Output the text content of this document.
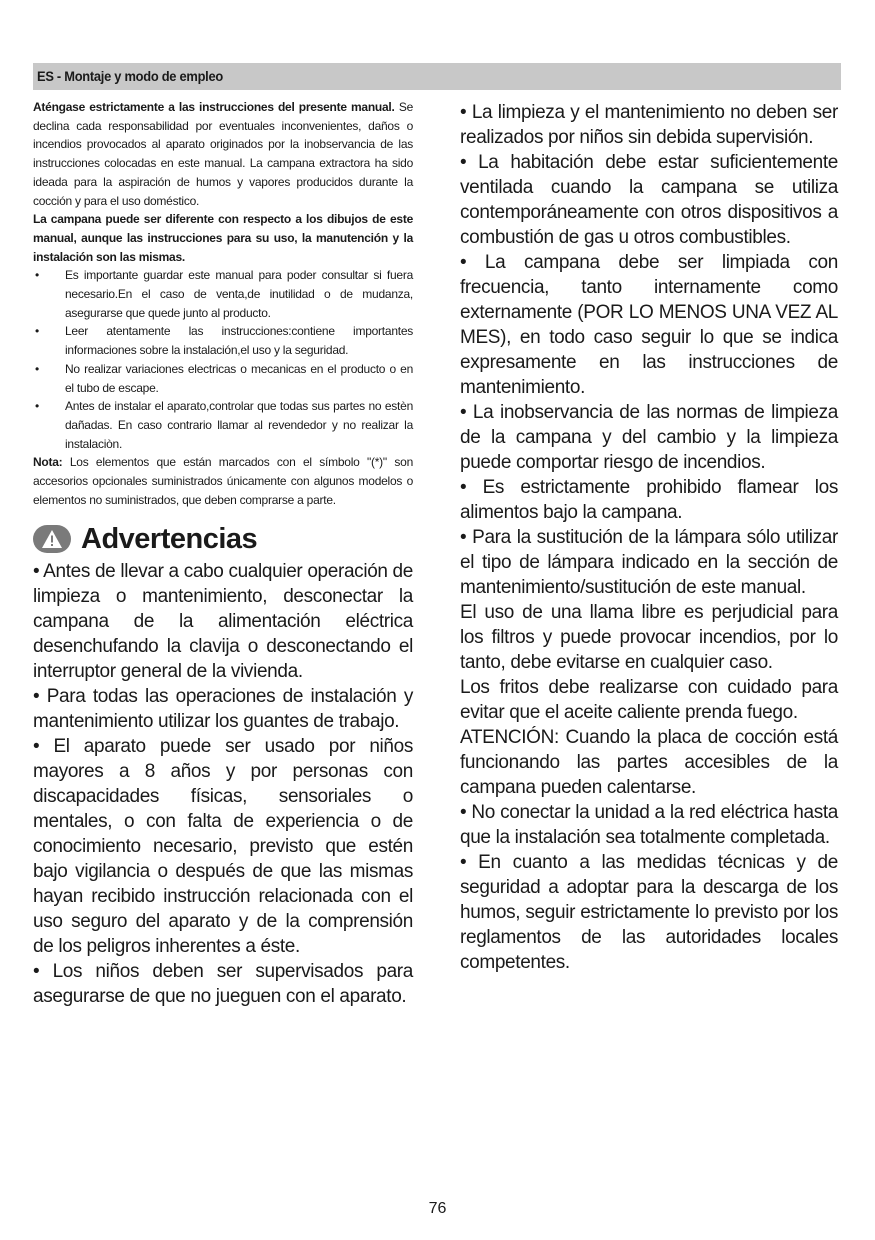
ES - Montaje y modo de empleo

Aténgase estrictamente a las instrucciones del presente manual. Se declina cada responsabilidad por eventuales inconvenientes, daños o incendios provocados al aparato originados por la inobservancia de las instrucciones colocadas en este manual. La campana extractora ha sido ideada para la aspiración de humos y vapores producidos durante la cocción y para el uso doméstico.

La campana puede ser diferente con respecto a los dibujos de este manual, aunque las instrucciones para su uso, la manutención y la instalación son las mismas.

• Es importante guardar este manual para poder consultar si fuera necesario.En el caso de venta,de inutilidad o de mudanza, asegurarse que quede junto al producto.
• Leer atentamente las instrucciones:contiene importantes informaciones sobre la instalación,el uso y la seguridad.
• No realizar variaciones electricas o mecanicas en el producto o en el tubo de escape.
• Antes de instalar el aparato,controlar que todas sus partes no estèn dañadas. En caso contrario llamar al revendedor y no realizar la instalaciòn.

Nota: Los elementos que están marcados con el símbolo "(*)" son accesorios opcionales suministrados únicamente con algunos modelos o elementos no suministrados, que deben comprarse a parte.

Advertencias

• Antes de llevar a cabo cualquier operación de limpieza o mantenimiento, desconectar la campana de la alimentación eléctrica desenchufando la clavija o desconectando el interruptor general de la vivienda.

• Para todas las operaciones de instalación y mantenimiento utilizar los guantes de trabajo.

• El aparato puede ser usado por niños mayores a 8 años y por personas con discapacidades físicas, sensoriales o mentales, o con falta de experiencia o de conocimiento necesario, previsto que estén bajo vigilancia o después de que las mismas hayan recibido instrucción relacionada con el uso seguro del aparato y de la comprensión de los peligros inherentes a éste.

• Los niños deben ser supervisados para asegurarse de que no jueguen con el aparato.

• La limpieza y el mantenimiento no deben ser realizados por niños sin debida supervisión.

• La habitación debe estar suficientemente ventilada cuando la campana se utiliza contemporáneamente con otros dispositivos a combustión de gas u otros combustibles.

• La campana debe ser limpiada con frecuencia, tanto internamente como externamente (POR LO MENOS UNA VEZ AL MES), en todo caso seguir lo que se indica expresamente en las instrucciones de mantenimiento.

• La inobservancia de las normas de limpieza de la campana y del cambio y la limpieza puede comportar riesgo de incendios.

• Es estrictamente prohibido flamear los alimentos bajo la campana.

• Para la sustitución de la lámpara sólo utilizar el tipo de lámpara indicado en la sección de mantenimiento/sustitución de este manual.

El uso de una llama libre es perjudicial para los filtros y puede provocar incendios, por lo tanto, debe evitarse en cualquier caso.

Los fritos debe realizarse con cuidado para evitar que el aceite caliente prenda fuego.

ATENCIÓN: Cuando la placa de cocción está funcionando las partes accesibles de la campana pueden calentarse.

• No conectar la unidad a la red eléctrica hasta que la instalación sea totalmente completada.

• En cuanto a las medidas técnicas y de seguridad a adoptar para la descarga de los humos, seguir estrictamente lo previsto por los reglamentos de las autoridades locales competentes.

76
